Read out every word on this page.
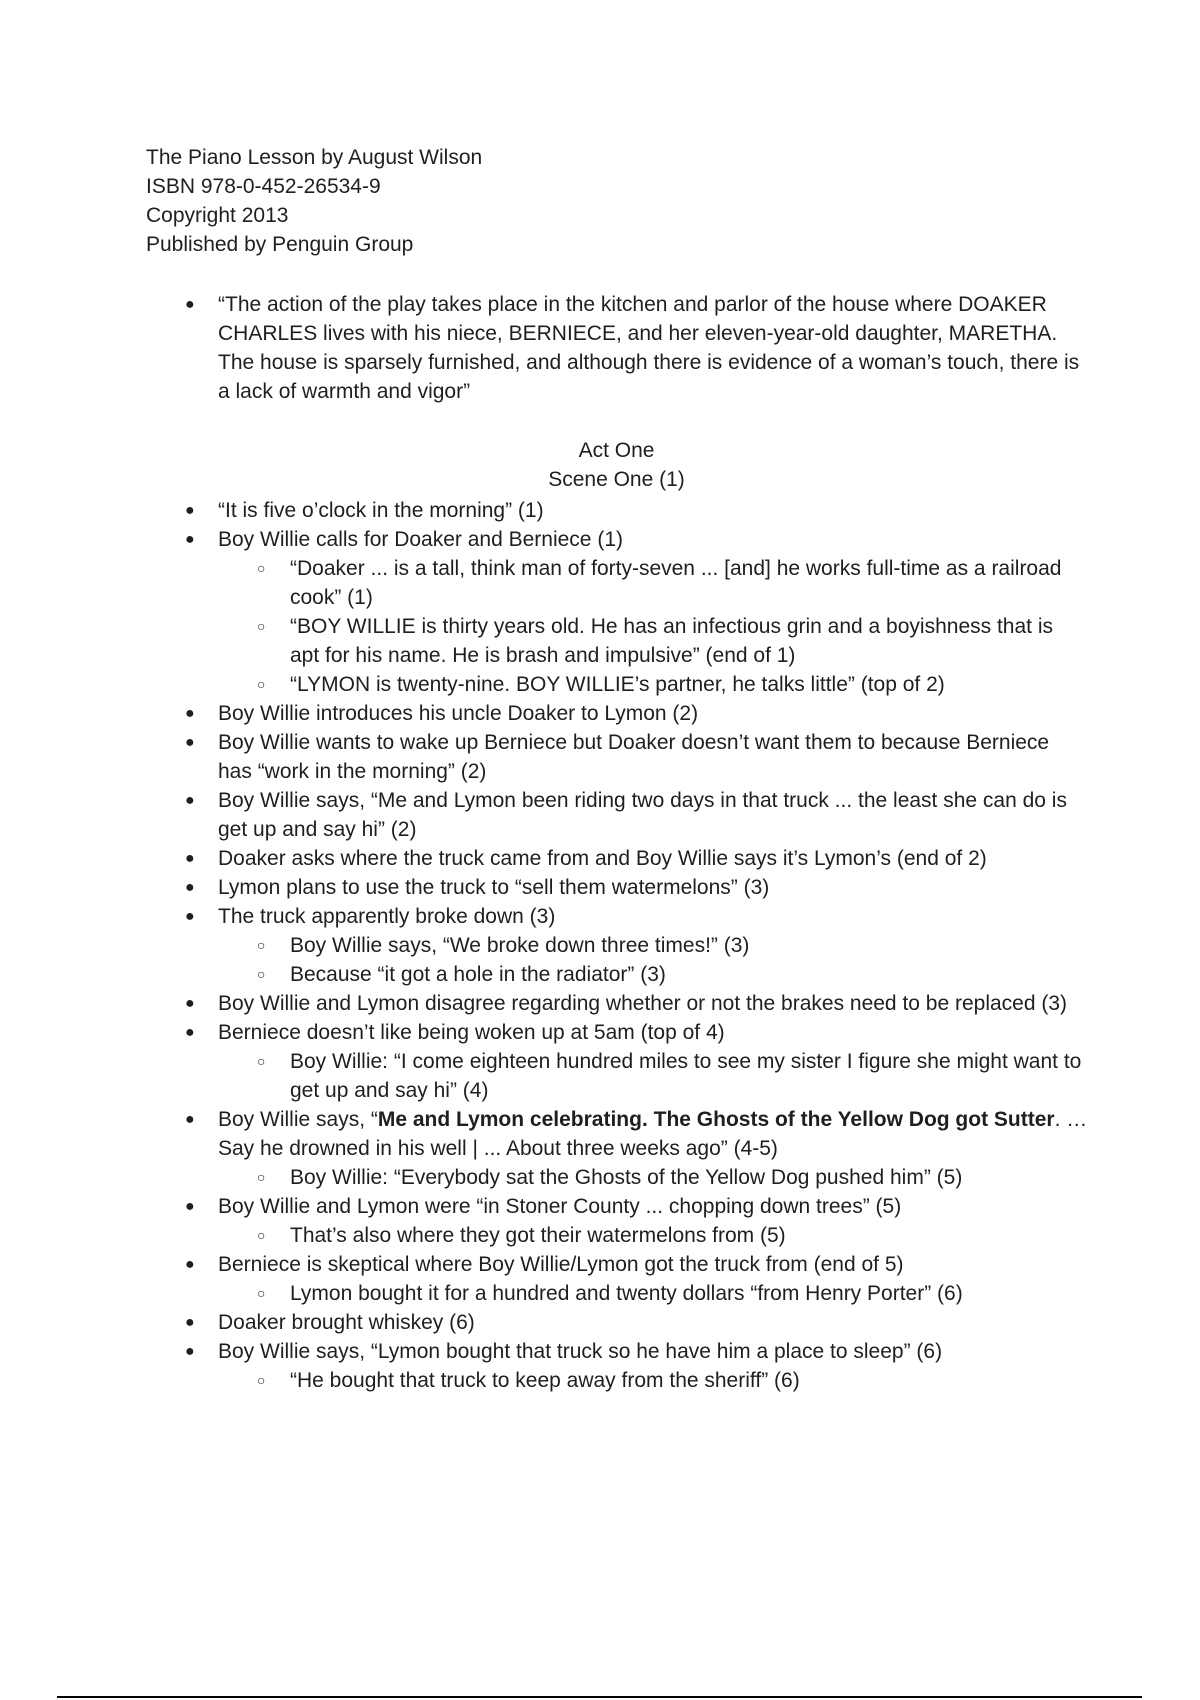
The Piano Lesson by August Wilson
ISBN 978-0-452-26534-9
Copyright 2013
Published by Penguin Group
● “The action of the play takes place in the kitchen and parlor of the house where DOAKER CHARLES lives with his niece, BERNIECE, and her eleven-year-old daughter, MARETHA. The house is sparsely furnished, and although there is evidence of a woman’s touch, there is a lack of warmth and vigor”
Act One
Scene One (1)
● “It is five o’clock in the morning” (1)
● Boy Willie calls for Doaker and Berniece (1)
○ “Doaker ... is a tall, think man of forty-seven ... [and] he works full-time as a railroad cook” (1)
○ “BOY WILLIE is thirty years old. He has an infectious grin and a boyishness that is apt for his name. He is brash and impulsive” (end of 1)
○ “LYMON is twenty-nine. BOY WILLIE’s partner, he talks little” (top of 2)
● Boy Willie introduces his uncle Doaker to Lymon (2)
● Boy Willie wants to wake up Berniece but Doaker doesn’t want them to because Berniece has “work in the morning” (2)
● Boy Willie says, “Me and Lymon been riding two days in that truck ... the least she can do is get up and say hi” (2)
● Doaker asks where the truck came from and Boy Willie says it’s Lymon’s (end of 2)
● Lymon plans to use the truck to “sell them watermelons” (3)
● The truck apparently broke down (3)
○ Boy Willie says, “We broke down three times!” (3)
○ Because “it got a hole in the radiator” (3)
● Boy Willie and Lymon disagree regarding whether or not the brakes need to be replaced (3)
● Berniece doesn’t like being woken up at 5am (top of 4)
○ Boy Willie: “I come eighteen hundred miles to see my sister I figure she might want to get up and say hi” (4)
● Boy Willie says, “Me and Lymon celebrating. The Ghosts of the Yellow Dog got Sutter. … Say he drowned in his well | ... About three weeks ago” (4-5)
○ Boy Willie: “Everybody sat the Ghosts of the Yellow Dog pushed him” (5)
● Boy Willie and Lymon were “in Stoner County ... chopping down trees” (5)
○ That’s also where they got their watermelons from (5)
● Berniece is skeptical where Boy Willie/Lymon got the truck from (end of 5)
○ Lymon bought it for a hundred and twenty dollars “from Henry Porter” (6)
● Doaker brought whiskey (6)
● Boy Willie says, “Lymon bought that truck so he have him a place to sleep” (6)
○ “He bought that truck to keep away from the sheriff” (6)
